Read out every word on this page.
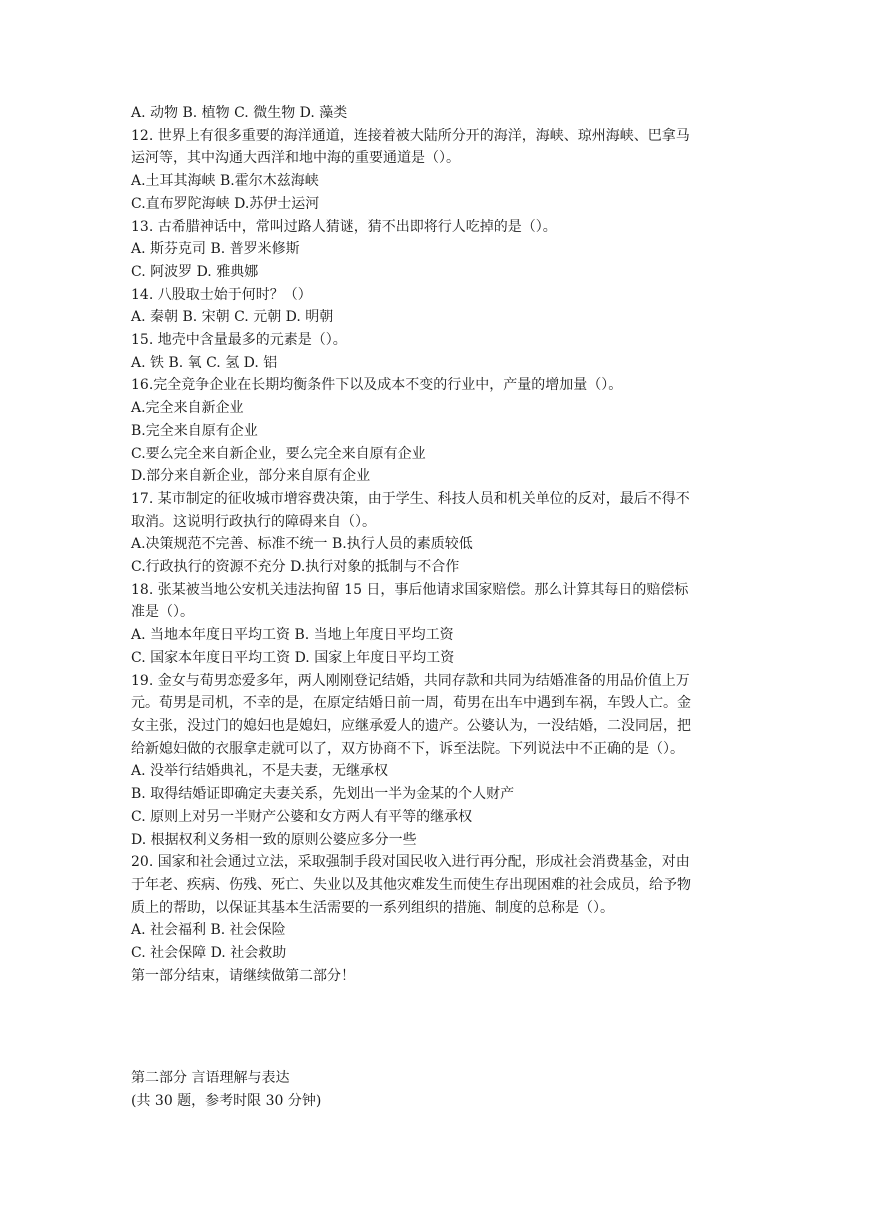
A. 动物 B. 植物 C. 微生物 D. 藻类
12. 世界上有很多重要的海洋通道，连接着被大陆所分开的海洋，海峡、琼州海峡、巴拿马
运河等，其中沟通大西洋和地中海的重要通道是（）。
A.土耳其海峡 B.霍尔木兹海峡
C.直布罗陀海峡 D.苏伊士运河
13. 古希腊神话中，常叫过路人猜谜，猜不出即将行人吃掉的是（）。
A. 斯芬克司 B. 普罗米修斯
C. 阿波罗 D. 雅典娜
14. 八股取士始于何时？（）
A. 秦朝 B. 宋朝 C. 元朝 D. 明朝
15. 地壳中含量最多的元素是（）。
A. 铁 B. 氧 C. 氢 D. 铝
16.完全竞争企业在长期均衡条件下以及成本不变的行业中，产量的增加量（）。
A.完全来自新企业
B.完全来自原有企业
C.要么完全来自新企业，要么完全来自原有企业
D.部分来自新企业，部分来自原有企业
17. 某市制定的征收城市增容费决策，由于学生、科技人员和机关单位的反对，最后不得不
取消。这说明行政执行的障碍来自（）。
A.决策规范不完善、标准不统一 B.执行人员的素质较低
C.行政执行的资源不充分 D.执行对象的抵制与不合作
18. 张某被当地公安机关违法拘留 15 日，事后他请求国家赔偿。那么计算其每日的赔偿标
准是（）。
A. 当地本年度日平均工资 B. 当地上年度日平均工资
C. 国家本年度日平均工资 D. 国家上年度日平均工资
19. 金女与荀男恋爱多年，两人刚刚登记结婚，共同存款和共同为结婚准备的用品价值上万
元。荀男是司机，不幸的是，在原定结婚日前一周，荀男在出车中遇到车祸，车毁人亡。金
女主张，没过门的媳妇也是媳妇，应继承爱人的遗产。公婆认为，一没结婚，二没同居，把
给新媳妇做的衣服拿走就可以了，双方协商不下，诉至法院。下列说法中不正确的是（）。
A. 没举行结婚典礼，不是夫妻，无继承权
B. 取得结婚证即确定夫妻关系，先划出一半为金某的个人财产
C. 原则上对另一半财产公婆和女方两人有平等的继承权
D. 根据权利义务相一致的原则公婆应多分一些
20. 国家和社会通过立法，采取强制手段对国民收入进行再分配，形成社会消费基金，对由
于年老、疾病、伤残、死亡、失业以及其他灾难发生而使生存出现困难的社会成员，给予物
质上的帮助，以保证其基本生活需要的一系列组织的措施、制度的总称是（）。
A. 社会福利 B. 社会保险
C. 社会保障 D. 社会救助
第一部分结束，请继续做第二部分！
第二部分 言语理解与表达
(共 30 题，参考时限 30 分钟)
